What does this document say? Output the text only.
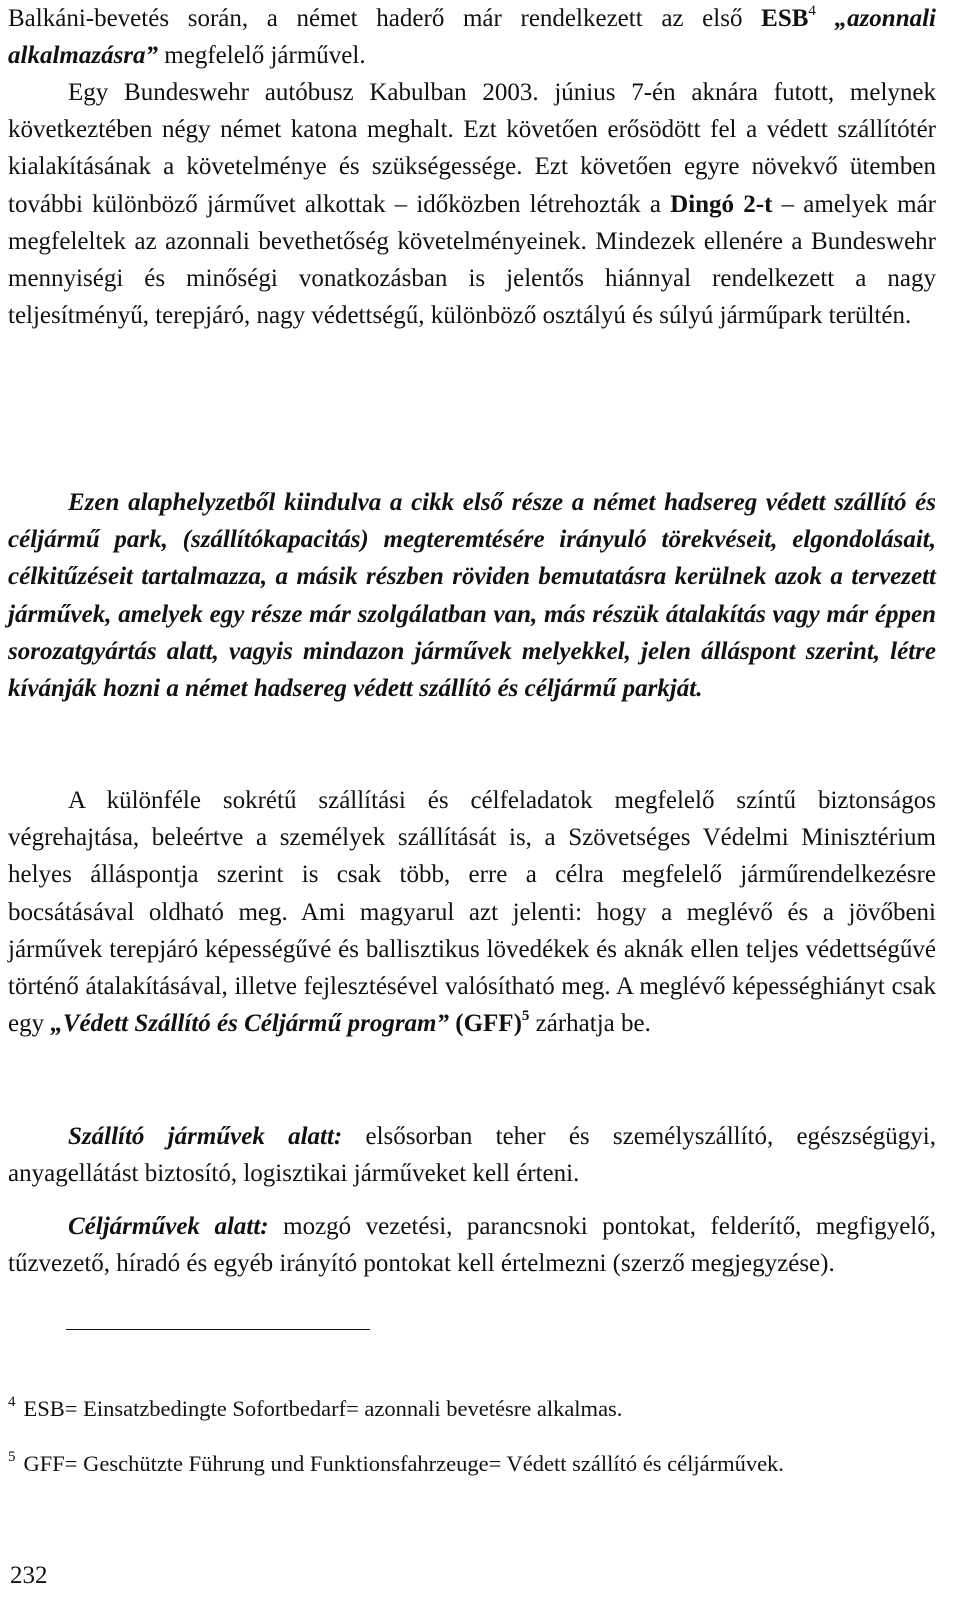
Balkáni-bevetés során, a német haderő már rendelkezett az első ESB$^4$ „azonnali alkalmazásra” megfelelő járművel.

Egy Bundeswehr autóbusz Kabulban 2003. június 7-én aknára futott, melynek következtében négy német katona meghalt. Ezt követően erősödött fel a védett szállítótér kialakításának a követelménye és szükségessége. Ezt követően egyre növekvő ütemben további különböző járművet alkottak – időközben létrehozták a Dingó 2-t – amelyek már megfeleltek az azonnali bevethetőség követelményeinek. Mindezek ellenére a Bundeswehr mennyiségi és minőségi vonatkozásban is jelentős hiánnyal rendelkezett a nagy teljesítményű, terepjáró, nagy védettségű, különböző osztályú és súlyú járműpark terültén.

Ezen alaphelyzetből kiindulva a cikk első része a német hadsereg védett szállító és céljármű park, (szállítókapacitás) megteremtésére irányuló törekvéseit, elgondolásait, célkitűzéseit tartalmazza, a másik részben röviden bemutatásra kerülnek azok a tervezett járművek, amelyek egy része már szolgálatban van, más részük átalakítás vagy már éppen sorozatgyártás alatt, vagyis mindazon járművek melyekkel, jelen álláspont szerint, létre kívánják hozni a német hadsereg védett szállító és céljármű parkját.

A különféle sokrétű szállítási és célfeladatok megfelelő színtű biztonságos végrehajtása, beleértve a személyek szállítását is, a Szövetséges Védelmi Minisztérium helyes álláspontja szerint is csak több, erre a célra megfelelő járműrendelkezésre bocsátásával oldható meg. Ami magyarul azt jelenti: hogy a meglévő és a jövőbeni járművek terepjáró képességűvé és ballisztikus lövedékek és aknák ellen teljes védettségűvé történő átalakításával, illetve fejlesztésével valósítható meg. A meglévő képességhiányt csak egy „Védett Szállító és Céljármű program” (GFF)$^5$ zárhatja be.

Szállító járművek alatt: elsősorban teher és személyszállító, egészségügyi, anyagellátást biztosító, logisztikai járműveket kell érteni.

Céljárművek alatt: mozgó vezetési, parancsnoki pontokat, felderítő, megfigyelő, tűzvezető, híradó és egyéb irányító pontokat kell értelmezni (szerző megjegyzése).

$^4$ ESB= Einsatzbedingte Sofortbedarf= azonnali bevetésre alkalmas.

$^5$ GFF= Geschützte Führung und Funktionsfahrzeuge= Védett szállító és céljárművek.

232
